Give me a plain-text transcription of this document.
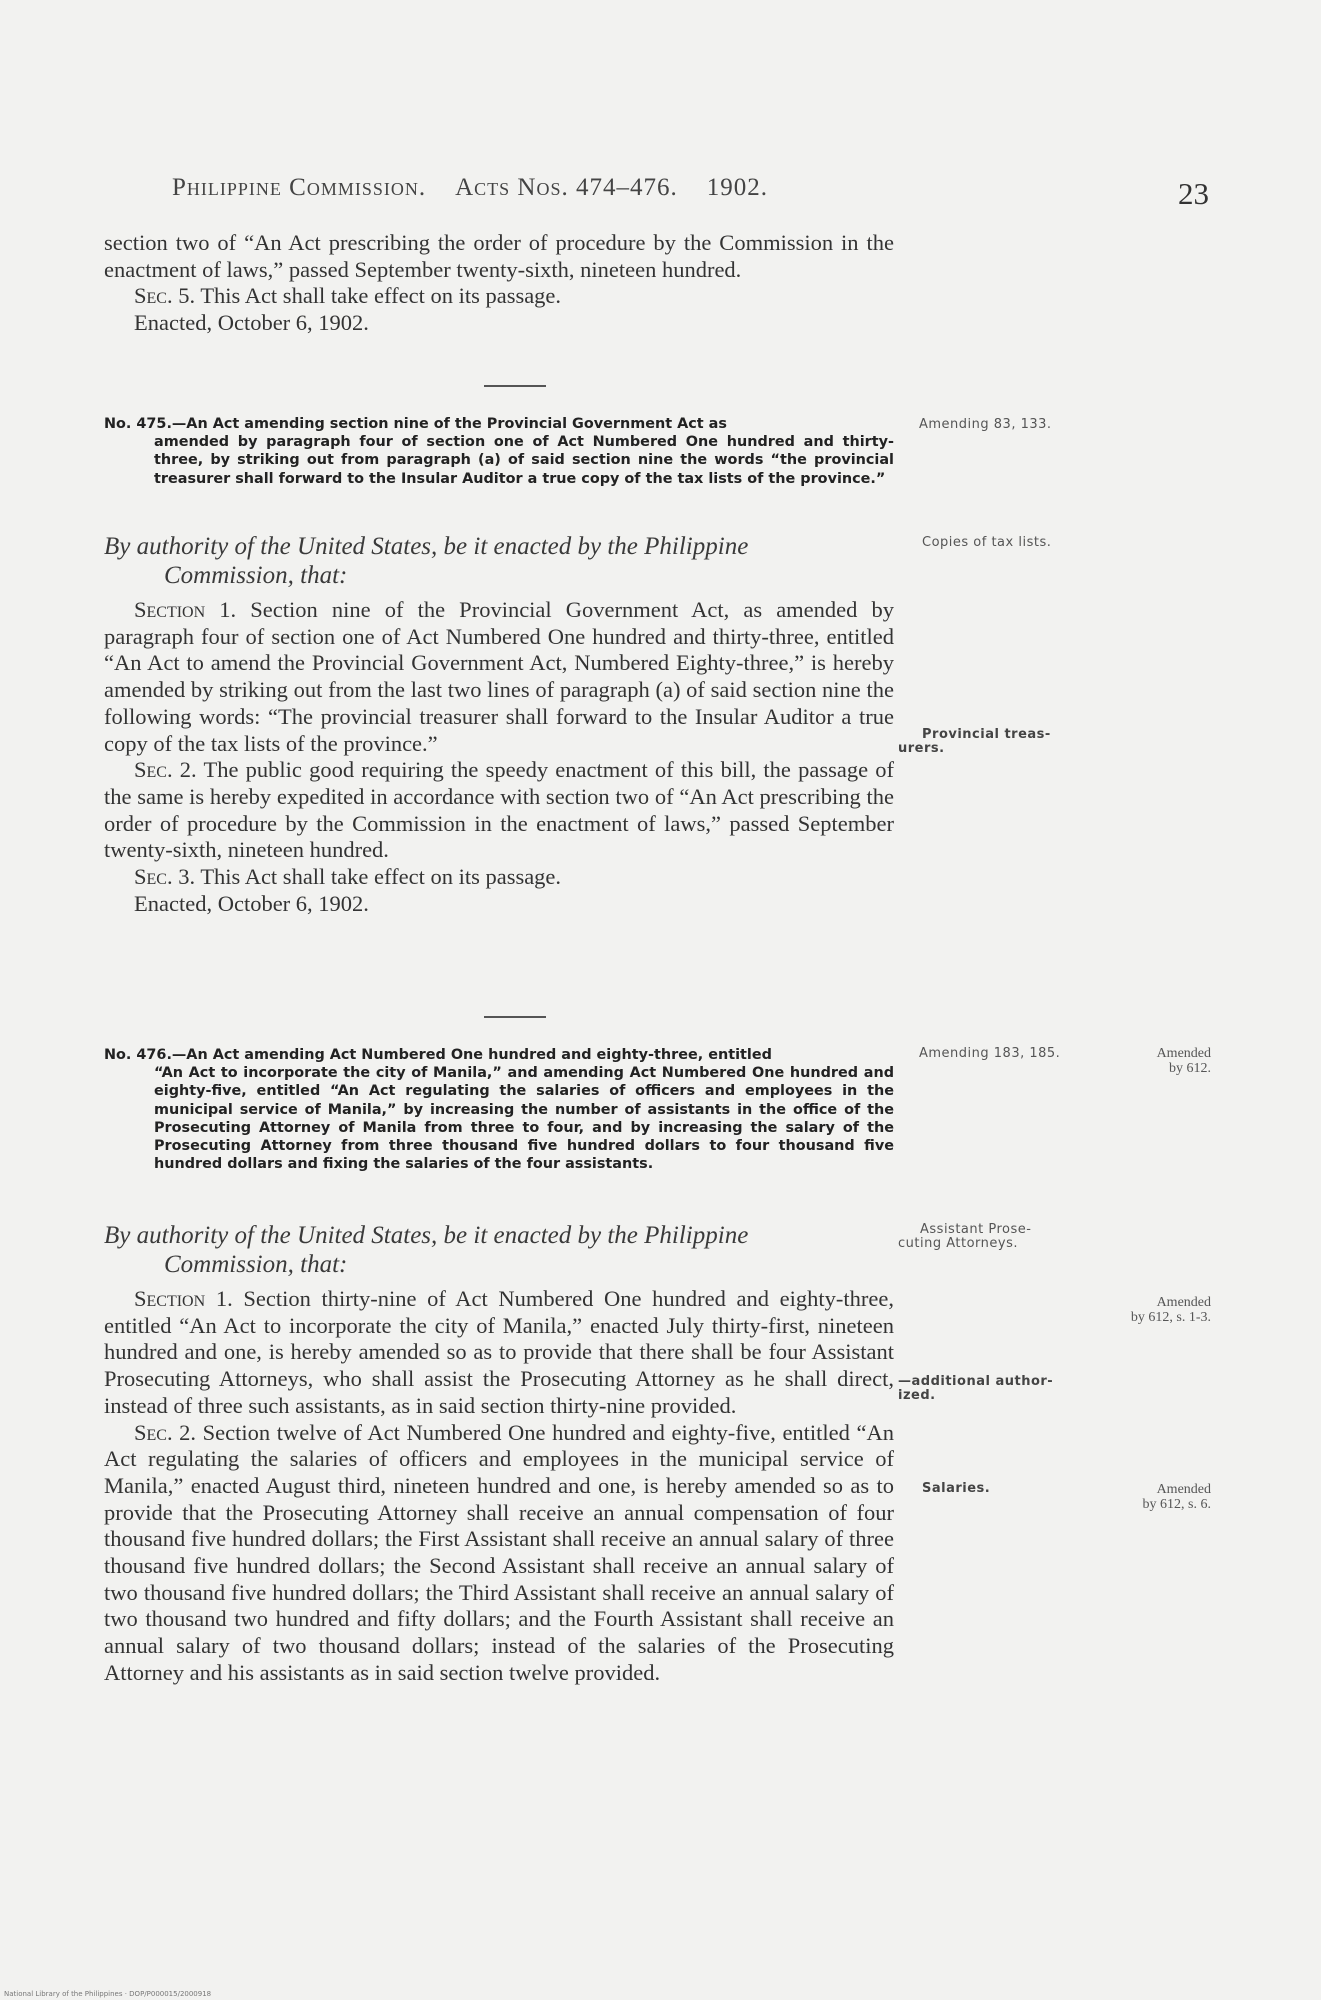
Philippine Commission. Acts Nos. 474–476. 1902.	23

section two of “An Act prescribing the order of procedure by the Commission in the enactment of laws,” passed September twenty-sixth, nineteen hundred.

Sec. 5. This Act shall take effect on its passage.

Enacted, October 6, 1902.

No. 475.—An Act amending section nine of the Provincial Government Act as
amended by paragraph four of section one of Act Numbered One hundred and thirty-three, by striking out from paragraph (a) of said section nine the words “the provincial treasurer shall forward to the Insular Auditor a true copy of the tax lists of the province.”
Amending 83, 133.
By authority of the United States, be it enacted by the Philippine
Commission, that:
Copies of tax lists.

Section 1. Section nine of the Provincial Government Act, as amended by paragraph four of section one of Act Numbered One hundred and thirty-three, entitled “An Act to amend the Provincial Government Act, Numbered Eighty-three,” is hereby amended by striking out from the last two lines of paragraph (a) of said section nine the following words: “The provincial treasurer shall forward to the Insular Auditor a true copy of the tax lists of the province.”

Sec. 2. The public good requiring the speedy enactment of this bill, the passage of the same is hereby expedited in accordance with section two of “An Act prescribing the order of procedure by the Commission in the enactment of laws,” passed September twenty-sixth, nineteen hundred.

Sec. 3. This Act shall take effect on its passage.

Enacted, October 6, 1902.

Provincial treas-
urers.
No. 476.—An Act amending Act Numbered One hundred and eighty-three, entitled
“An Act to incorporate the city of Manila,” and amending Act Numbered One hundred and eighty-five, entitled “An Act regulating the salaries of officers and employees in the municipal service of Manila,” by increasing the number of assistants in the office of the Prosecuting Attorney of Manila from three to four, and by increasing the salary of the Prosecuting Attorney from three thousand five hundred dollars to four thousand five hundred dollars and fixing the salaries of the four assistants.
Amending 183, 185.	Amended
by 612.
By authority of the United States, be it enacted by the Philippine
Commission, that:
Assistant Prose-
cuting Attorneys.

Section 1. Section thirty-nine of Act Numbered One hundred and eighty-three, entitled “An Act to incorporate the city of Manila,” enacted July thirty-first, nineteen hundred and one, is hereby amended so as to provide that there shall be four Assistant Prosecuting Attorneys, who shall assist the Prosecuting Attorney as he shall direct, instead of three such assistants, as in said section thirty-nine provided.

Sec. 2. Section twelve of Act Numbered One hundred and eighty-five, entitled “An Act regulating the salaries of officers and employees in the municipal service of Manila,” enacted August third, nineteen hundred and one, is hereby amended so as to provide that the Prosecuting Attorney shall receive an annual compensation of four thousand five hundred dollars; the First Assistant shall receive an annual salary of three thousand five hundred dollars; the Second Assistant shall receive an annual salary of two thousand five hundred dollars; the Third Assistant shall receive an annual salary of two thousand two hundred and fifty dollars; and the Fourth Assistant shall receive an annual salary of two thousand dollars; instead of the salaries of the Prosecuting Attorney and his assistants as in said section twelve provided.

Amended
by 612, s. 1-3.
—additional author-
ized.
Salaries.	Amended
by 612, s. 6.
National Library of the Philippines · DOP/P000015/2000918
